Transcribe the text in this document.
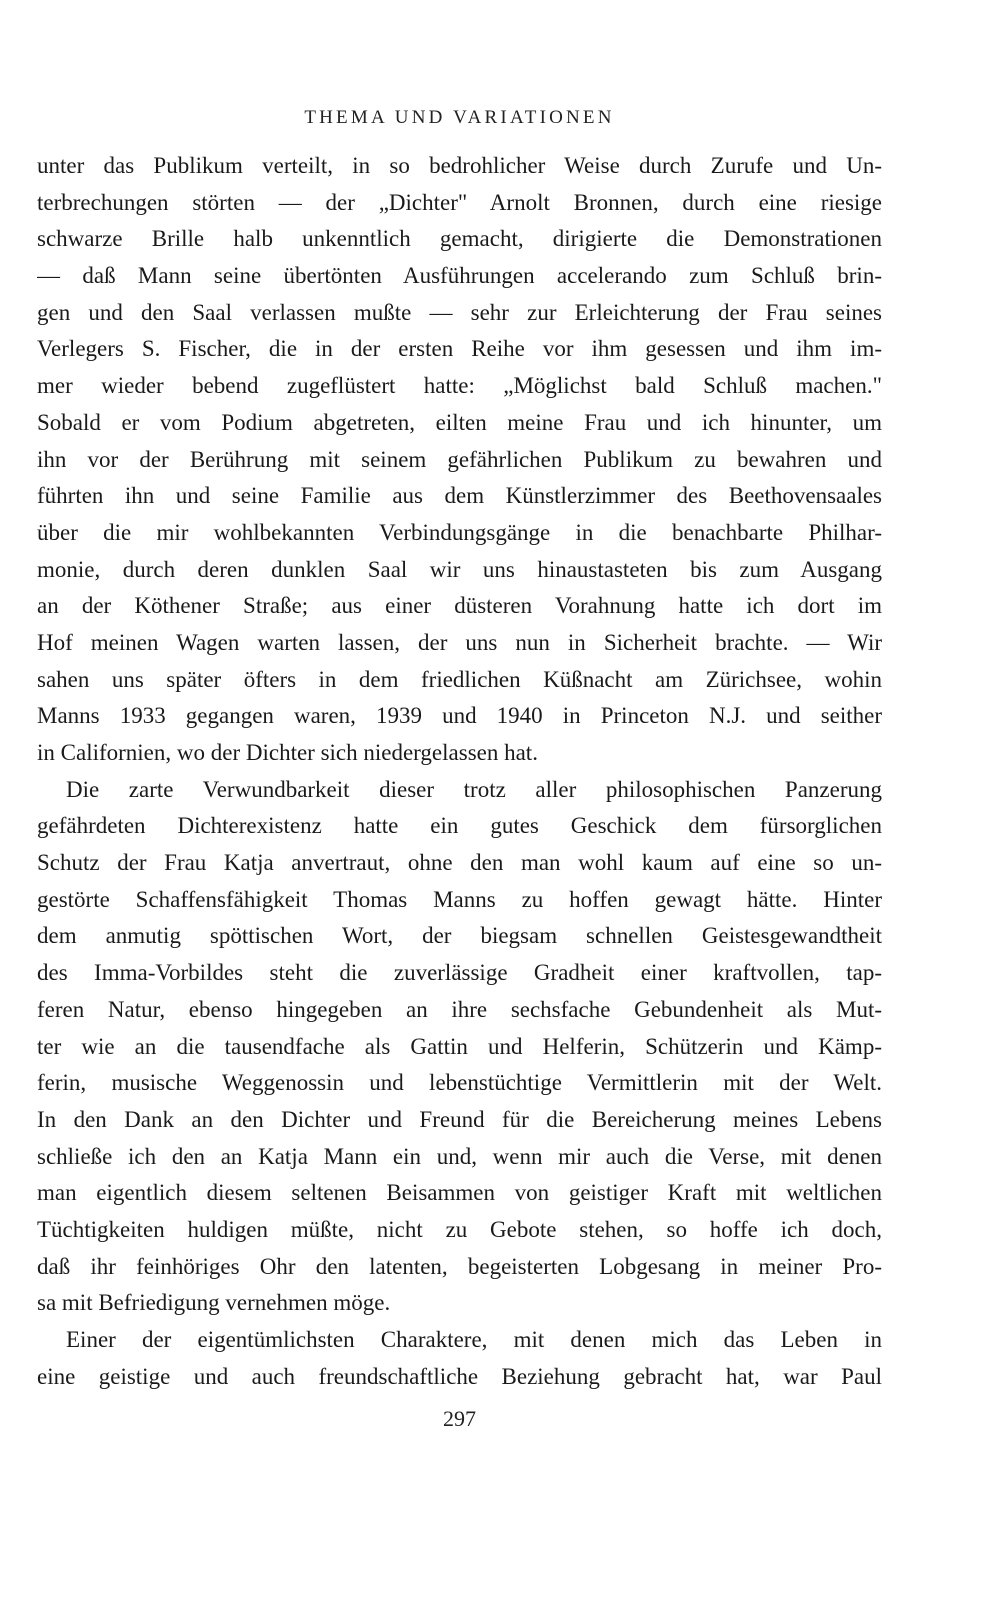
THEMA UND VARIATIONEN
unter das Publikum verteilt, in so bedrohlicher Weise durch Zurufe und Un-
terbrechungen störten — der „Dichter" Arnolt Bronnen, durch eine riesige
schwarze Brille halb unkenntlich gemacht, dirigierte die Demonstrationen
— daß Mann seine übertönten Ausführungen accelerando zum Schluß brin-
gen und den Saal verlassen mußte — sehr zur Erleichterung der Frau seines
Verlegers S. Fischer, die in der ersten Reihe vor ihm gesessen und ihm im-
mer wieder bebend zugeflüstert hatte: „Möglichst bald Schluß machen."
Sobald er vom Podium abgetreten, eilten meine Frau und ich hinunter, um
ihn vor der Berührung mit seinem gefährlichen Publikum zu bewahren und
führten ihn und seine Familie aus dem Künstlerzimmer des Beethovensaales
über die mir wohlbekannten Verbindungsgänge in die benachbarte Philhar-
monie, durch deren dunklen Saal wir uns hinaustasteten bis zum Ausgang
an der Köthener Straße; aus einer düsteren Vorahnung hatte ich dort im
Hof meinen Wagen warten lassen, der uns nun in Sicherheit brachte. — Wir
sahen uns später öfters in dem friedlichen Küßnacht am Zürichsee, wohin
Manns 1933 gegangen waren, 1939 und 1940 in Princeton N.J. und seither
in Californien, wo der Dichter sich niedergelassen hat.
Die zarte Verwundbarkeit dieser trotz aller philosophischen Panzerung
gefährdeten Dichterexistenz hatte ein gutes Geschick dem fürsorglichen
Schutz der Frau Katja anvertraut, ohne den man wohl kaum auf eine so un-
gestörte Schaffensfähigkeit Thomas Manns zu hoffen gewagt hätte. Hinter
dem anmutig spöttischen Wort, der biegsam schnellen Geistesgewandtheit
des Imma-Vorbildes steht die zuverlässige Gradheit einer kraftvollen, tap-
feren Natur, ebenso hingegeben an ihre sechsfache Gebundenheit als Mut-
ter wie an die tausendfache als Gattin und Helferin, Schützerin und Kämp-
ferin, musische Weggenossin und lebenstüchtige Vermittlerin mit der Welt.
In den Dank an den Dichter und Freund für die Bereicherung meines Lebens
schließe ich den an Katja Mann ein und, wenn mir auch die Verse, mit denen
man eigentlich diesem seltenen Beisammen von geistiger Kraft mit weltlichen
Tüchtigkeiten huldigen müßte, nicht zu Gebote stehen, so hoffe ich doch,
daß ihr feinhöriges Ohr den latenten, begeisterten Lobgesang in meiner Pro-
sa mit Befriedigung vernehmen möge.
Einer der eigentümlichsten Charaktere, mit denen mich das Leben in
eine geistige und auch freundschaftliche Beziehung gebracht hat, war Paul
297
